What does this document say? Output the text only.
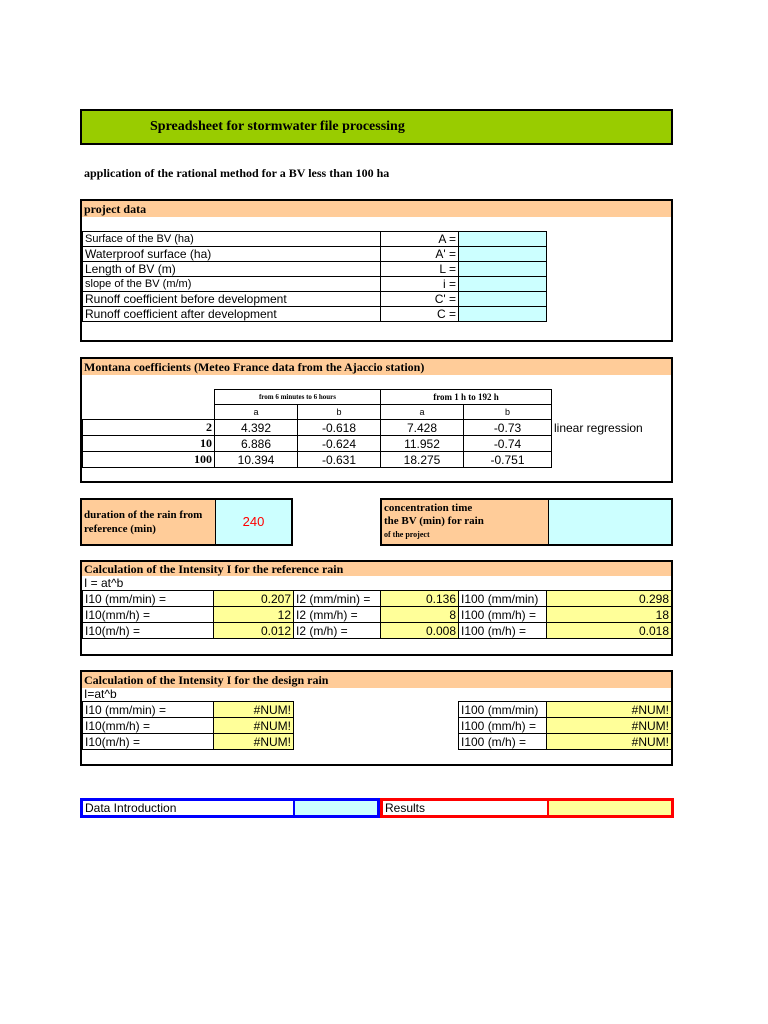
Spreadsheet for stormwater file processing
application of the rational method for a BV less than 100 ha
project data
Surface of the BV (ha)	A =	
Waterproof surface (ha)	A' =	
Length of BV (m)	L =	
slope of the BV (m/m)	i =	
Runoff coefficient before development	C' =	
Runoff coefficient after development	C =	
Montana coefficients (Meteo France data from the Ajaccio station)
	from 6 minutes to 6 hours		from 1 h to 192 h		
	a	b	a	b	
2	4.392	-0.618	7.428	-0.73	linear regression
10	6.886	-0.624	11.952	-0.74	
100	10.394	-0.631	18.275	-0.751	
duration of the rain from
reference (min)	240
concentration time
the BV (min) for rain
of the project
Calculation of the Intensity I for the reference rain
I = at^b
I10 (mm/min) =	0.207	I2 (mm/min) =	0.136	I100 (mm/min)	0.298
I10(mm/h) =	12	I2 (mm/h) =	8	I100 (mm/h) =	18
I10(m/h) =	0.012	I2 (m/h) =	0.008	I100 (m/h) =	0.018
Calculation of the Intensity I for the design rain
I=at^b
I10 (mm/min) =	#NUM!		I100 (mm/min)	#NUM!
I10(mm/h) =	#NUM!		I100 (mm/h) =	#NUM!
I10(m/h) =	#NUM!		I100 (m/h) =	#NUM!
Data Introduction	Results
